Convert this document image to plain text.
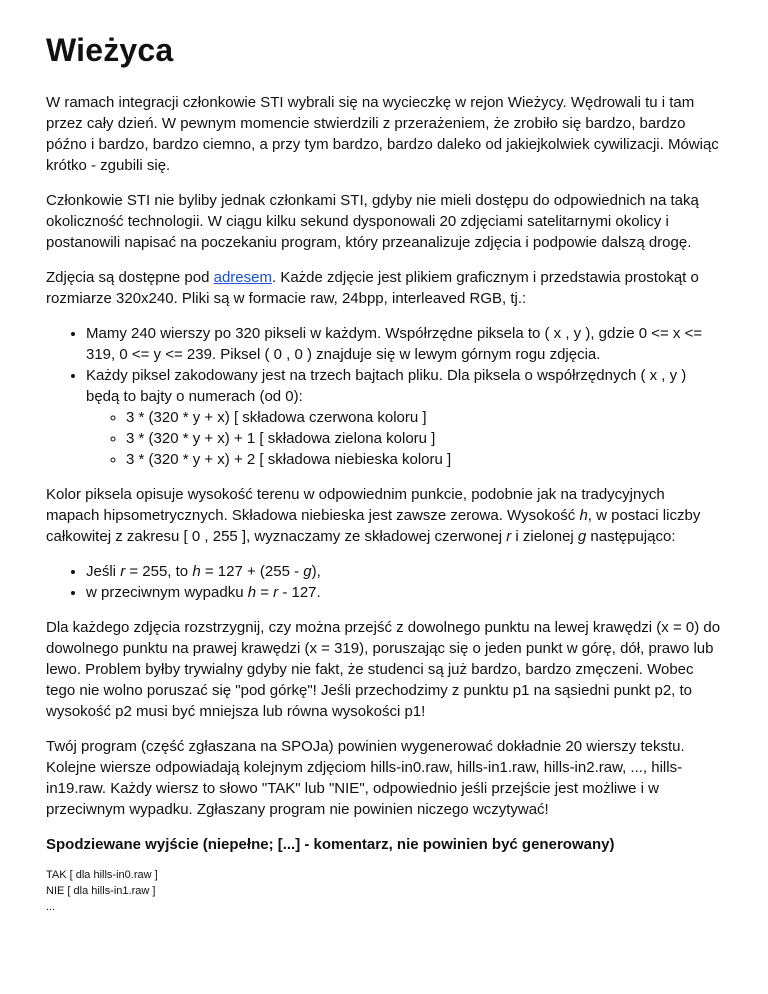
Wieżyca

W ramach integracji członkowie STI wybrali się na wycieczkę w rejon Wieżycy. Wędrowali tu i tam przez cały dzień. W pewnym momencie stwierdzili z przerażeniem, że zrobiło się bardzo, bardzo późno i bardzo, bardzo ciemno, a przy tym bardzo, bardzo daleko od jakiejkolwiek cywilizacji. Mówiąc krótko - zgubili się.

Członkowie STI nie byliby jednak członkami STI, gdyby nie mieli dostępu do odpowiednich na taką okoliczność technologii. W ciągu kilku sekund dysponowali 20 zdjęciami satelitarnymi okolicy i postanowili napisać na poczekaniu program, który przeanalizuje zdjęcia i podpowie dalszą drogę.

Zdjęcia są dostępne pod adresem. Każde zdjęcie jest plikiem graficznym i przedstawia prostokąt o rozmiarze 320x240. Pliki są w formacie raw, 24bpp, interleaved RGB, tj.:

• Mamy 240 wierszy po 320 pikseli w każdym. Współrzędne piksela to ( x , y ), gdzie 0 <= x <= 319, 0 <= y <= 239. Piksel ( 0 , 0 ) znajduje się w lewym górnym rogu zdjęcia.
• Każdy piksel zakodowany jest na trzech bajtach pliku. Dla piksela o współrzędnych ( x , y ) będą to bajty o numerach (od 0):
◦ 3 * (320 * y + x) [ składowa czerwona koloru ]
◦ 3 * (320 * y + x) + 1 [ składowa zielona koloru ]
◦ 3 * (320 * y + x) + 2 [ składowa niebieska koloru ]

Kolor piksela opisuje wysokość terenu w odpowiednim punkcie, podobnie jak na tradycyjnych mapach hipsometrycznych. Składowa niebieska jest zawsze zerowa. Wysokość h, w postaci liczby całkowitej z zakresu [ 0 , 255 ], wyznaczamy ze składowej czerwonej r i zielonej g następująco:

• Jeśli r = 255, to h = 127 + (255 - g),
• w przeciwnym wypadku h = r - 127.

Dla każdego zdjęcia rozstrzygnij, czy można przejść z dowolnego punktu na lewej krawędzi (x = 0) do dowolnego punktu na prawej krawędzi (x = 319), poruszając się o jeden punkt w górę, dół, prawo lub lewo. Problem byłby trywialny gdyby nie fakt, że studenci są już bardzo, bardzo zmęczeni. Wobec tego nie wolno poruszać się "pod górkę"! Jeśli przechodzimy z punktu p1 na sąsiedni punkt p2, to wysokość p2 musi być mniejsza lub równa wysokości p1!

Twój program (część zgłaszana na SPOJa) powinien wygenerować dokładnie 20 wierszy tekstu. Kolejne wiersze odpowiadają kolejnym zdjęciom hills-in0.raw, hills-in1.raw, hills-in2.raw, ..., hills-in19.raw. Każdy wiersz to słowo "TAK" lub "NIE", odpowiednio jeśli przejście jest możliwe i w przeciwnym wypadku. Zgłaszany program nie powinien niczego wczytywać!

Spodziewane wyjście (niepełne; [...] - komentarz, nie powinien być generowany)
TAK [ dla hills-in0.raw ]
NIE [ dla hills-in1.raw ]
...
